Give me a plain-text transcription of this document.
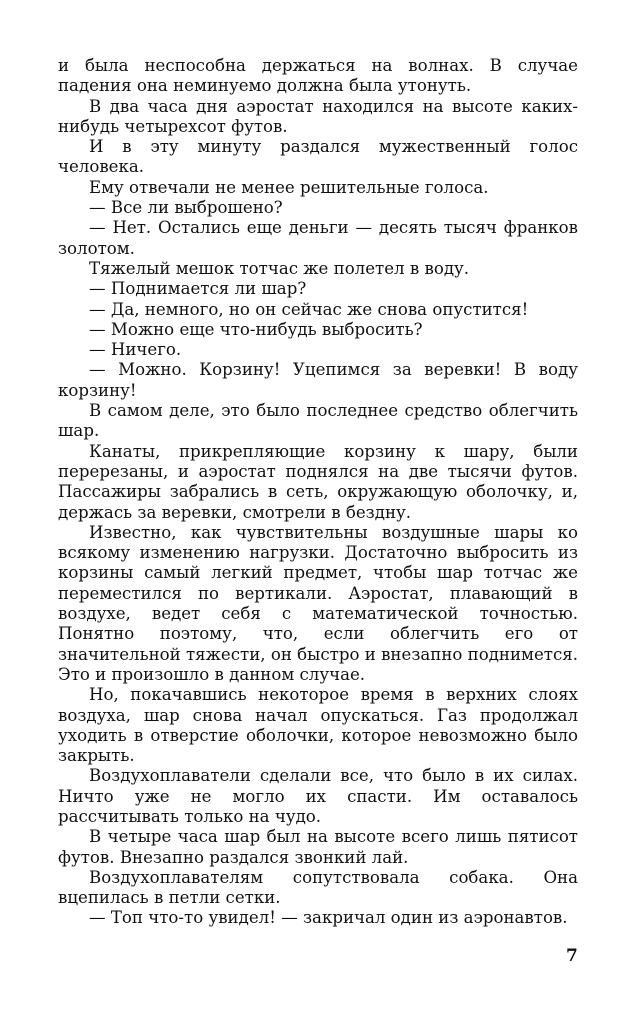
и была неспособна держаться на волнах. В случае падения она неминуемо должна была утонуть.

В два часа дня аэростат находился на высоте каких-нибудь четырехсот футов.

И в эту минуту раздался мужественный голос человека.

Ему отвечали не менее решительные голоса.

— Все ли выброшено?

— Нет. Остались еще деньги — десять тысяч франков золотом.

Тяжелый мешок тотчас же полетел в воду.

— Поднимается ли шар?

— Да, немного, но он сейчас же снова опустится!

— Можно еще что-нибудь выбросить?

— Ничего.

— Можно. Корзину! Уцепимся за веревки! В воду корзину!

В самом деле, это было последнее средство облегчить шар.

Канаты, прикрепляющие корзину к шару, были перерезаны, и аэростат поднялся на две тысячи футов. Пассажиры забрались в сеть, окружающую оболочку, и, держась за веревки, смотрели в бездну.

Известно, как чувствительны воздушные шары ко всякому изменению нагрузки. Достаточно выбросить из корзины самый легкий предмет, чтобы шар тотчас же переместился по вертикали. Аэростат, плавающий в воздухе, ведет себя с математической точностью. Понятно поэтому, что, если облегчить его от значительной тяжести, он быстро и внезапно поднимется. Это и произошло в данном случае.

Но, покачавшись некоторое время в верхних слоях воздуха, шар снова начал опускаться. Газ продолжал уходить в отверстие оболочки, которое невозможно было закрыть.

Воздухоплаватели сделали все, что было в их силах. Ничто уже не могло их спасти. Им оставалось рассчитывать только на чудо.

В четыре часа шар был на высоте всего лишь пятисот футов. Внезапно раздался звонкий лай.

Воздухоплавателям сопутствовала собака. Она вцепилась в петли сетки.

— Топ что-то увидел! — закричал один из аэронавтов.

7
